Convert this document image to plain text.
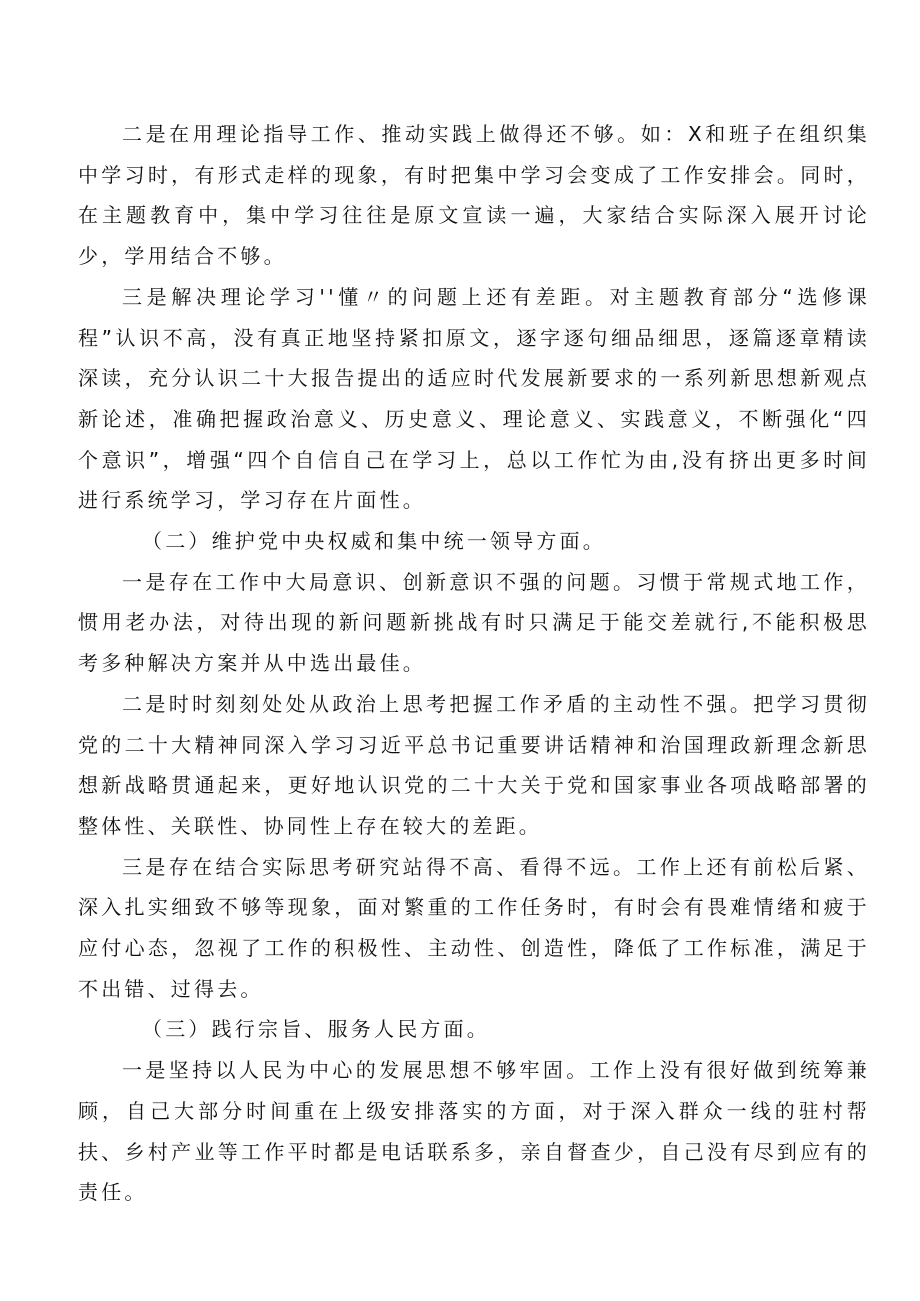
二是在用理论指导工作、推动实践上做得还不够。如：X和班子在组织集中学习时，有形式走样的现象，有时把集中学习会变成了工作安排会。同时，在主题教育中，集中学习往往是原文宣读一遍，大家结合实际深入展开讨论少，学用结合不够。

三是解决理论学习''懂〃的问题上还有差距。对主题教育部分“选修课程”认识不高，没有真正地坚持紧扣原文，逐字逐句细品细思，逐篇逐章精读深读，充分认识二十大报告提出的适应时代发展新要求的一系列新思想新观点新论述，准确把握政治意义、历史意义、理论意义、实践意义，不断强化“四个意识”，增强“四个自信自己在学习上，总以工作忙为由,没有挤出更多时间进行系统学习，学习存在片面性。

（二）维护党中央权威和集中统一领导方面。

一是存在工作中大局意识、创新意识不强的问题。习惯于常规式地工作，惯用老办法，对待出现的新问题新挑战有时只满足于能交差就行,不能积极思考多种解决方案并从中选出最佳。

二是时时刻刻处处从政治上思考把握工作矛盾的主动性不强。把学习贯彻党的二十大精神同深入学习习近平总书记重要讲话精神和治国理政新理念新思想新战略贯通起来，更好地认识党的二十大关于党和国家事业各项战略部署的整体性、关联性、协同性上存在较大的差距。

三是存在结合实际思考研究站得不高、看得不远。工作上还有前松后紧、深入扎实细致不够等现象，面对繁重的工作任务时，有时会有畏难情绪和疲于应付心态，忽视了工作的积极性、主动性、创造性，降低了工作标准，满足于不出错、过得去。

（三）践行宗旨、服务人民方面。

一是坚持以人民为中心的发展思想不够牢固。工作上没有很好做到统筹兼顾，自己大部分时间重在上级安排落实的方面，对于深入群众一线的驻村帮扶、乡村产业等工作平时都是电话联系多，亲自督查少，自己没有尽到应有的责任。
